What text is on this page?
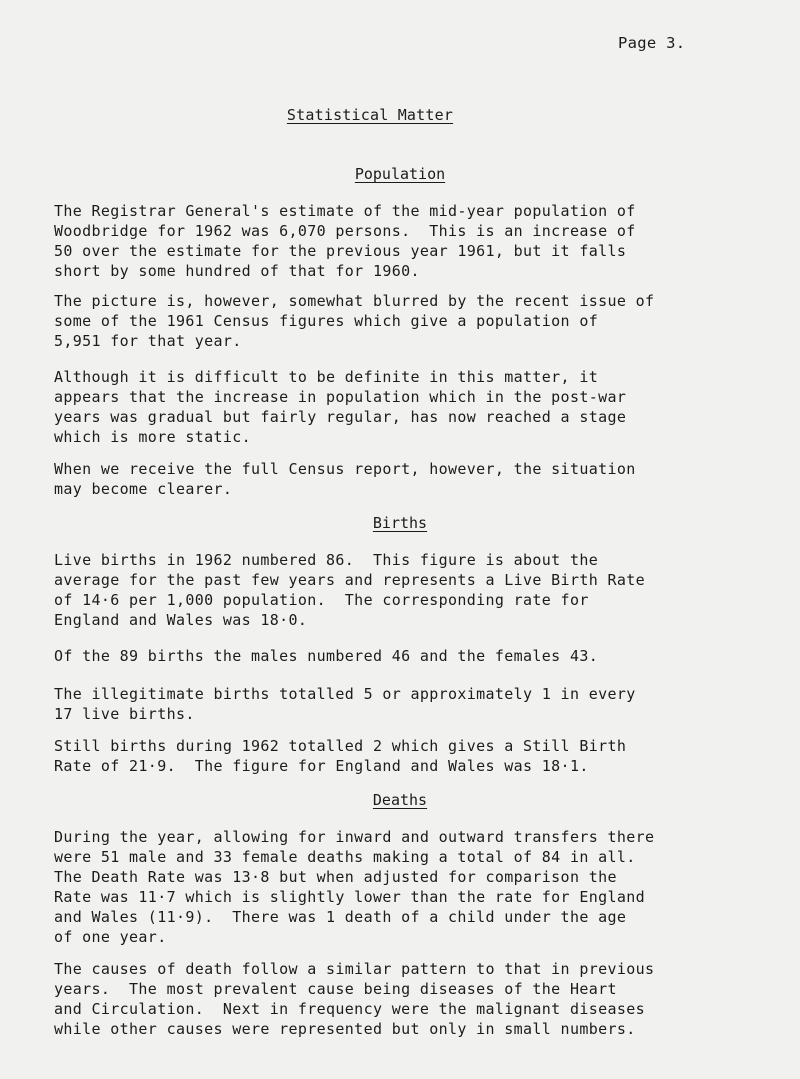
Page 3.
Statistical Matter
Population

The Registrar General's estimate of the mid-year population of
Woodbridge for 1962 was 6,070 persons.  This is an increase of
50 over the estimate for the previous year 1961, but it falls
short by some hundred of that for 1960.

The picture is, however, somewhat blurred by the recent issue of
some of the 1961 Census figures which give a population of
5,951 for that year.

Although it is difficult to be definite in this matter, it
appears that the increase in population which in the post-war
years was gradual but fairly regular, has now reached a stage
which is more static.

When we receive the full Census report, however, the situation
may become clearer.

Births

Live births in 1962 numbered 86.  This figure is about the
average for the past few years and represents a Live Birth Rate
of 14·6 per 1,000 population.  The corresponding rate for
England and Wales was 18·0.

Of the 89 births the males numbered 46 and the females 43.

The illegitimate births totalled 5 or approximately 1 in every
17 live births.

Still births during 1962 totalled 2 which gives a Still Birth
Rate of 21·9.  The figure for England and Wales was 18·1.

Deaths

During the year, allowing for inward and outward transfers there
were 51 male and 33 female deaths making a total of 84 in all.
The Death Rate was 13·8 but when adjusted for comparison the
Rate was 11·7 which is slightly lower than the rate for England
and Wales (11·9).  There was 1 death of a child under the age
of one year.

The causes of death follow a similar pattern to that in previous
years.  The most prevalent cause being diseases of the Heart
and Circulation.  Next in frequency were the malignant diseases
while other causes were represented but only in small numbers.
